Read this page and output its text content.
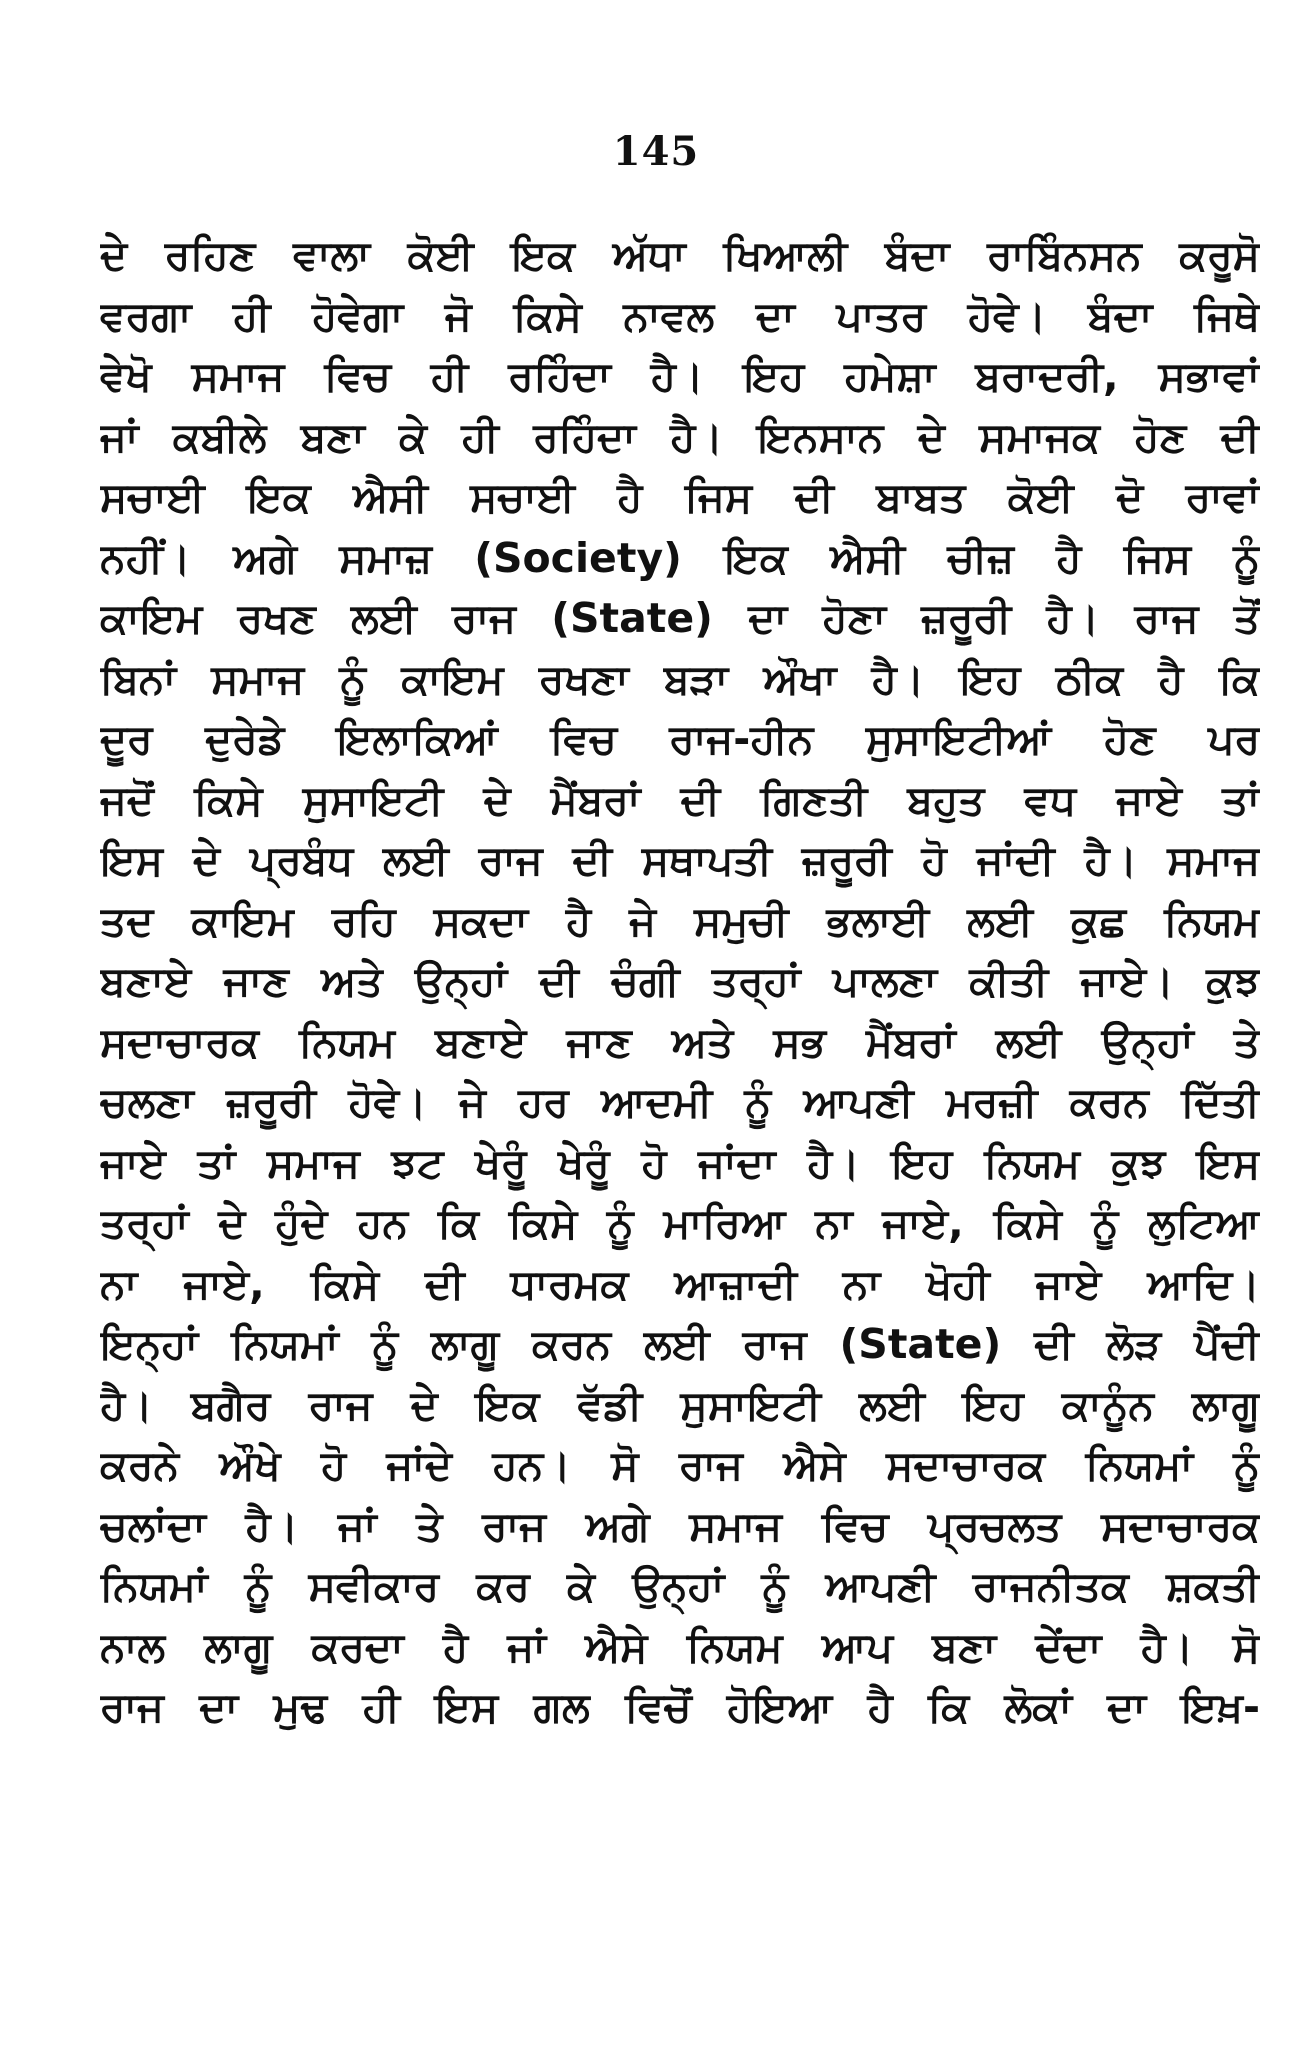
145
ਦੇ ਰਹਿਣ ਵਾਲਾ ਕੋਈ ਇਕ ਅੱਧਾ ਖਿਆਲੀ ਬੰਦਾ ਰਾਬਿੰਨਸਨ ਕਰੂਸੋ
ਵਰਗਾ ਹੀ ਹੋਵੇਗਾ ਜੋ ਕਿਸੇ ਨਾਵਲ ਦਾ ਪਾਤਰ ਹੋਵੇ। ਬੰਦਾ ਜਿਥੇ
ਵੇਖੋ ਸਮਾਜ ਵਿਚ ਹੀ ਰਹਿੰਦਾ ਹੈ। ਇਹ ਹਮੇਸ਼ਾ ਬਰਾਦਰੀ, ਸਭਾਵਾਂ
ਜਾਂ ਕਬੀਲੇ ਬਣਾ ਕੇ ਹੀ ਰਹਿੰਦਾ ਹੈ। ਇਨਸਾਨ ਦੇ ਸਮਾਜਕ ਹੋਣ ਦੀ
ਸਚਾਈ ਇਕ ਐਸੀ ਸਚਾਈ ਹੈ ਜਿਸ ਦੀ ਬਾਬਤ ਕੋਈ ਦੋ ਰਾਵਾਂ
ਨਹੀਂ। ਅਗੇ ਸਮਾਜ਼ (Society) ਇਕ ਐਸੀ ਚੀਜ਼ ਹੈ ਜਿਸ ਨੂੰ
ਕਾਇਮ ਰਖਣ ਲਈ ਰਾਜ (State) ਦਾ ਹੋਣਾ ਜ਼ਰੂਰੀ ਹੈ। ਰਾਜ ਤੋਂ
ਬਿਨਾਂ ਸਮਾਜ ਨੂੰ ਕਾਇਮ ਰਖਣਾ ਬੜਾ ਔਖਾ ਹੈ। ਇਹ ਠੀਕ ਹੈ ਕਿ
ਦੂਰ ਦੁਰੇਡੇ ਇਲਾਕਿਆਂ ਵਿਚ ਰਾਜ-ਹੀਨ ਸੁਸਾਇਟੀਆਂ ਹੋਣ ਪਰ
ਜਦੋਂ ਕਿਸੇ ਸੁਸਾਇਟੀ ਦੇ ਮੈਂਬਰਾਂ ਦੀ ਗਿਣਤੀ ਬਹੁਤ ਵਧ ਜਾਏ ਤਾਂ
ਇਸ ਦੇ ਪ੍ਰਬੰਧ ਲਈ ਰਾਜ ਦੀ ਸਥਾਪਤੀ ਜ਼ਰੂਰੀ ਹੋ ਜਾਂਦੀ ਹੈ। ਸਮਾਜ
ਤਦ ਕਾਇਮ ਰਹਿ ਸਕਦਾ ਹੈ ਜੇ ਸਮੁਚੀ ਭਲਾਈ ਲਈ ਕੁਛ ਨਿਯਮ
ਬਣਾਏ ਜਾਣ ਅਤੇ ਉਨ੍ਹਾਂ ਦੀ ਚੰਗੀ ਤਰ੍ਹਾਂ ਪਾਲਣਾ ਕੀਤੀ ਜਾਏ। ਕੁਝ
ਸਦਾਚਾਰਕ ਨਿਯਮ ਬਣਾਏ ਜਾਣ ਅਤੇ ਸਭ ਮੈਂਬਰਾਂ ਲਈ ਉਨ੍ਹਾਂ ਤੇ
ਚਲਣਾ ਜ਼ਰੂਰੀ ਹੋਵੇ। ਜੇ ਹਰ ਆਦਮੀ ਨੂੰ ਆਪਣੀ ਮਰਜ਼ੀ ਕਰਨ ਦਿੱਤੀ
ਜਾਏ ਤਾਂ ਸਮਾਜ ਝਟ ਖੇਰੂੰ ਖੇਰੂੰ ਹੋ ਜਾਂਦਾ ਹੈ। ਇਹ ਨਿਯਮ ਕੁਝ ਇਸ
ਤਰ੍ਹਾਂ ਦੇ ਹੁੰਦੇ ਹਨ ਕਿ ਕਿਸੇ ਨੂੰ ਮਾਰਿਆ ਨਾ ਜਾਏ, ਕਿਸੇ ਨੂੰ ਲੁਟਿਆ
ਨਾ ਜਾਏ, ਕਿਸੇ ਦੀ ਧਾਰਮਕ ਆਜ਼ਾਦੀ ਨਾ ਖੋਹੀ ਜਾਏ ਆਦਿ।
ਇਨ੍ਹਾਂ ਨਿਯਮਾਂ ਨੂੰ ਲਾਗੂ ਕਰਨ ਲਈ ਰਾਜ (State) ਦੀ ਲੋੜ ਪੈਂਦੀ
ਹੈ। ਬਗੈਰ ਰਾਜ ਦੇ ਇਕ ਵੱਡੀ ਸੁਸਾਇਟੀ ਲਈ ਇਹ ਕਾਨੂੰਨ ਲਾਗੂ
ਕਰਨੇ ਔਖੇ ਹੋ ਜਾਂਦੇ ਹਨ। ਸੋ ਰਾਜ ਐਸੇ ਸਦਾਚਾਰਕ ਨਿਯਮਾਂ ਨੂੰ
ਚਲਾਂਦਾ ਹੈ। ਜਾਂ ਤੇ ਰਾਜ ਅਗੇ ਸਮਾਜ ਵਿਚ ਪ੍ਰਚਲਤ ਸਦਾਚਾਰਕ
ਨਿਯਮਾਂ ਨੂੰ ਸਵੀਕਾਰ ਕਰ ਕੇ ਉਨ੍ਹਾਂ ਨੂੰ ਆਪਣੀ ਰਾਜਨੀਤਕ ਸ਼ਕਤੀ
ਨਾਲ ਲਾਗੂ ਕਰਦਾ ਹੈ ਜਾਂ ਐਸੇ ਨਿਯਮ ਆਪ ਬਣਾ ਦੇਂਦਾ ਹੈ। ਸੋ
ਰਾਜ ਦਾ ਮੁਢ ਹੀ ਇਸ ਗਲ ਵਿਚੋਂ ਹੋਇਆ ਹੈ ਕਿ ਲੋਕਾਂ ਦਾ ਇਖ਼-
